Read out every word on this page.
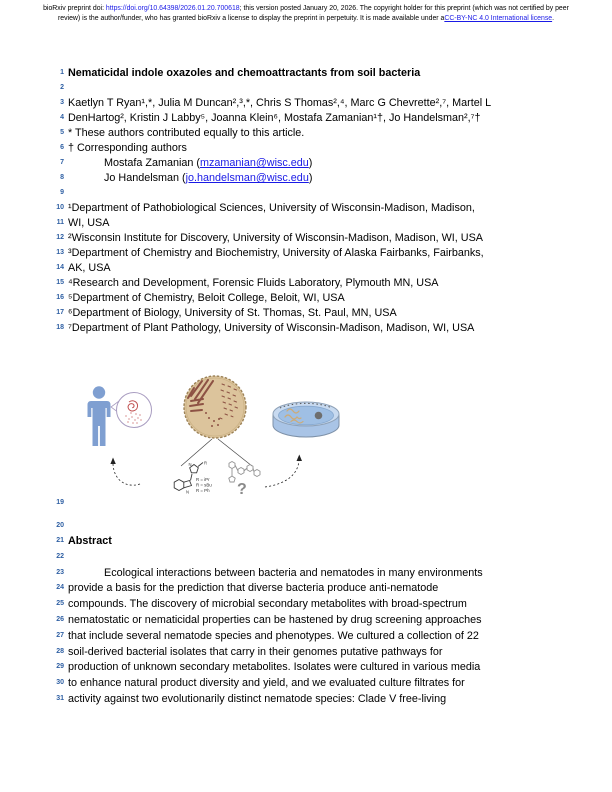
bioRxiv preprint doi: https://doi.org/10.64398/2026.01.20.700618; this version posted January 20, 2026. The copyright holder for this preprint (which was not certified by peer review) is the author/funder, who has granted bioRxiv a license to display the preprint in perpetuity. It is made available under aCC-BY-NC 4.0 International license.
1 Nematicidal indole oxazoles and chemoattractants from soil bacteria
2
3 Kaetlyn T Ryan¹,*, Julia M Duncan²,³,*, Chris S Thomas²,⁴, Marc G Chevrette²,⁷, Martel L
4 DenHartog², Kristin J Labby⁵, Joanna Klein⁶, Mostafa Zamanian¹†, Jo Handelsman²,⁷†
5 * These authors contributed equally to this article.
6 † Corresponding authors
7	Mostafa Zamanian (mzamanian@wisc.edu)
8	Jo Handelsman (jo.handelsman@wisc.edu)
9
10 ¹Department of Pathobiological Sciences, University of Wisconsin-Madison, Madison,
11 WI, USA
12 ²Wisconsin Institute for Discovery, University of Wisconsin-Madison, Madison, WI, USA
13 ³Department of Chemistry and Biochemistry, University of Alaska Fairbanks, Fairbanks,
14 AK, USA
15 ⁴Research and Development, Forensic Fluids Laboratory, Plymouth MN, USA
16 ⁵Department of Chemistry, Beloit College, Beloit, WI, USA
17 ⁶Department of Biology, University of St. Thomas, St. Paul, MN, USA
18 ⁷Department of Plant Pathology, University of Wisconsin-Madison, Madison, WI, USA
N	R
N
R = iPr
R = sBu
R = Ph ?
19
20
21 Abstract
22
23	Ecological interactions between bacteria and nematodes in many environments
24 provide a basis for the prediction that diverse bacteria produce anti-nematode
25 compounds. The discovery of microbial secondary metabolites with broad-spectrum
26 nematostatic or nematicidal properties can be hastened by drug screening approaches
27 that include several nematode species and phenotypes. We cultured a collection of 22
28 soil-derived bacterial isolates that carry in their genomes putative pathways for
29 production of unknown secondary metabolites. Isolates were cultured in various media
30 to enhance natural product diversity and yield, and we evaluated culture filtrates for
31 activity against two evolutionarily distinct nematode species: Clade V free-living
